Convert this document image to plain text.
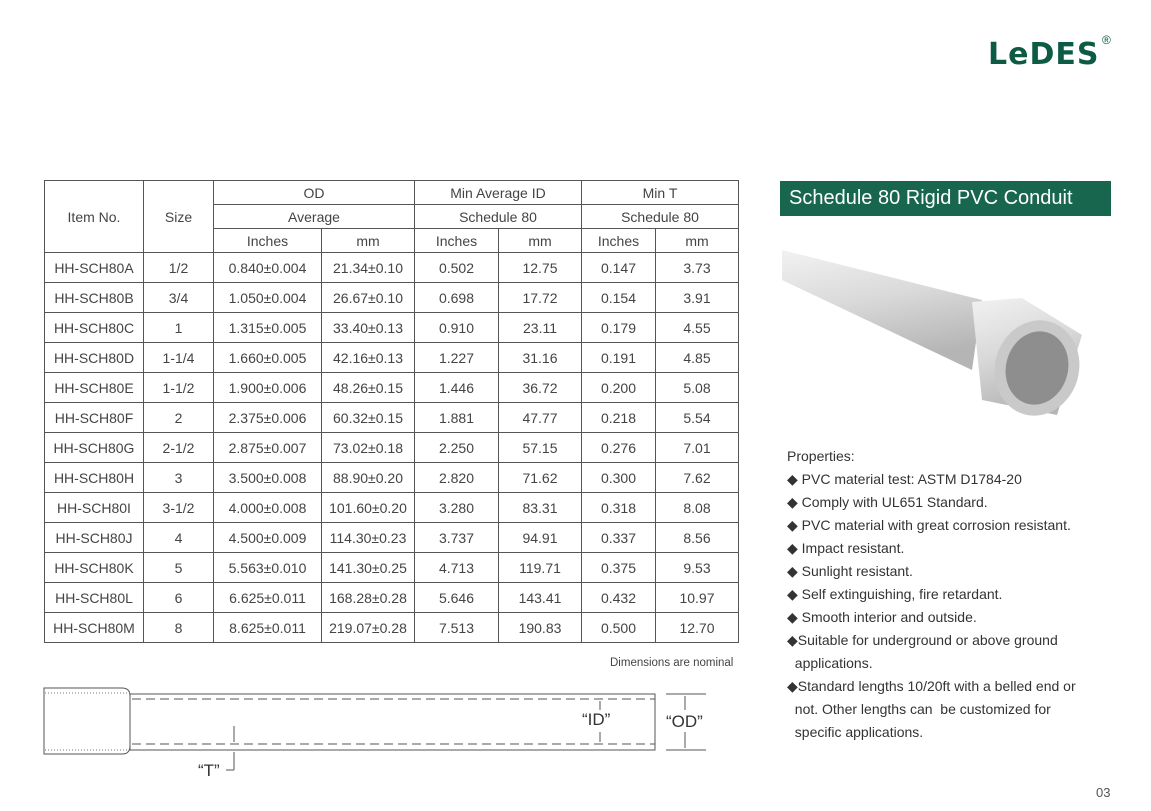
LeDES ®
Item No.	Size	OD		Min Average ID		Min T	
		Average		Schedule 80		Schedule 80	
		Inches	mm	Inches	mm	Inches	mm
HH-SCH80A	1/2	0.840±0.004	21.34±0.10	0.502	12.75	0.147	3.73
HH-SCH80B	3/4	1.050±0.004	26.67±0.10	0.698	17.72	0.154	3.91
HH-SCH80C	1	1.315±0.005	33.40±0.13	0.910	23.11	0.179	4.55
HH-SCH80D	1-1/4	1.660±0.005	42.16±0.13	1.227	31.16	0.191	4.85
HH-SCH80E	1-1/2	1.900±0.006	48.26±0.15	1.446	36.72	0.200	5.08
HH-SCH80F	2	2.375±0.006	60.32±0.15	1.881	47.77	0.218	5.54
HH-SCH80G	2-1/2	2.875±0.007	73.02±0.18	2.250	57.15	0.276	7.01
HH-SCH80H	3	3.500±0.008	88.90±0.20	2.820	71.62	0.300	7.62
HH-SCH80I	3-1/2	4.000±0.008	101.60±0.20	3.280	83.31	0.318	8.08
HH-SCH80J	4	4.500±0.009	114.30±0.23	3.737	94.91	0.337	8.56
HH-SCH80K	5	5.563±0.010	141.30±0.25	4.713	119.71	0.375	9.53
HH-SCH80L	6	6.625±0.011	168.28±0.28	5.646	143.41	0.432	10.97
HH-SCH80M	8	8.625±0.011	219.07±0.28	7.513	190.83	0.500	12.70
Dimensions are nominal
“ID”	“OD”
“T”
Schedule 80 Rigid PVC Conduit
Properties:
◆ PVC material test: ASTM D1784-20
◆ Comply with UL651 Standard.
◆ PVC material with great corrosion resistant.
◆ Impact resistant.
◆ Sunlight resistant.
◆ Self extinguishing, fire retardant.
◆ Smooth interior and outside.
◆Suitable for underground or above ground
applications.
◆Standard lengths 10/20ft with a belled end or
not. Other lengths can  be customized for
specific applications.
03
